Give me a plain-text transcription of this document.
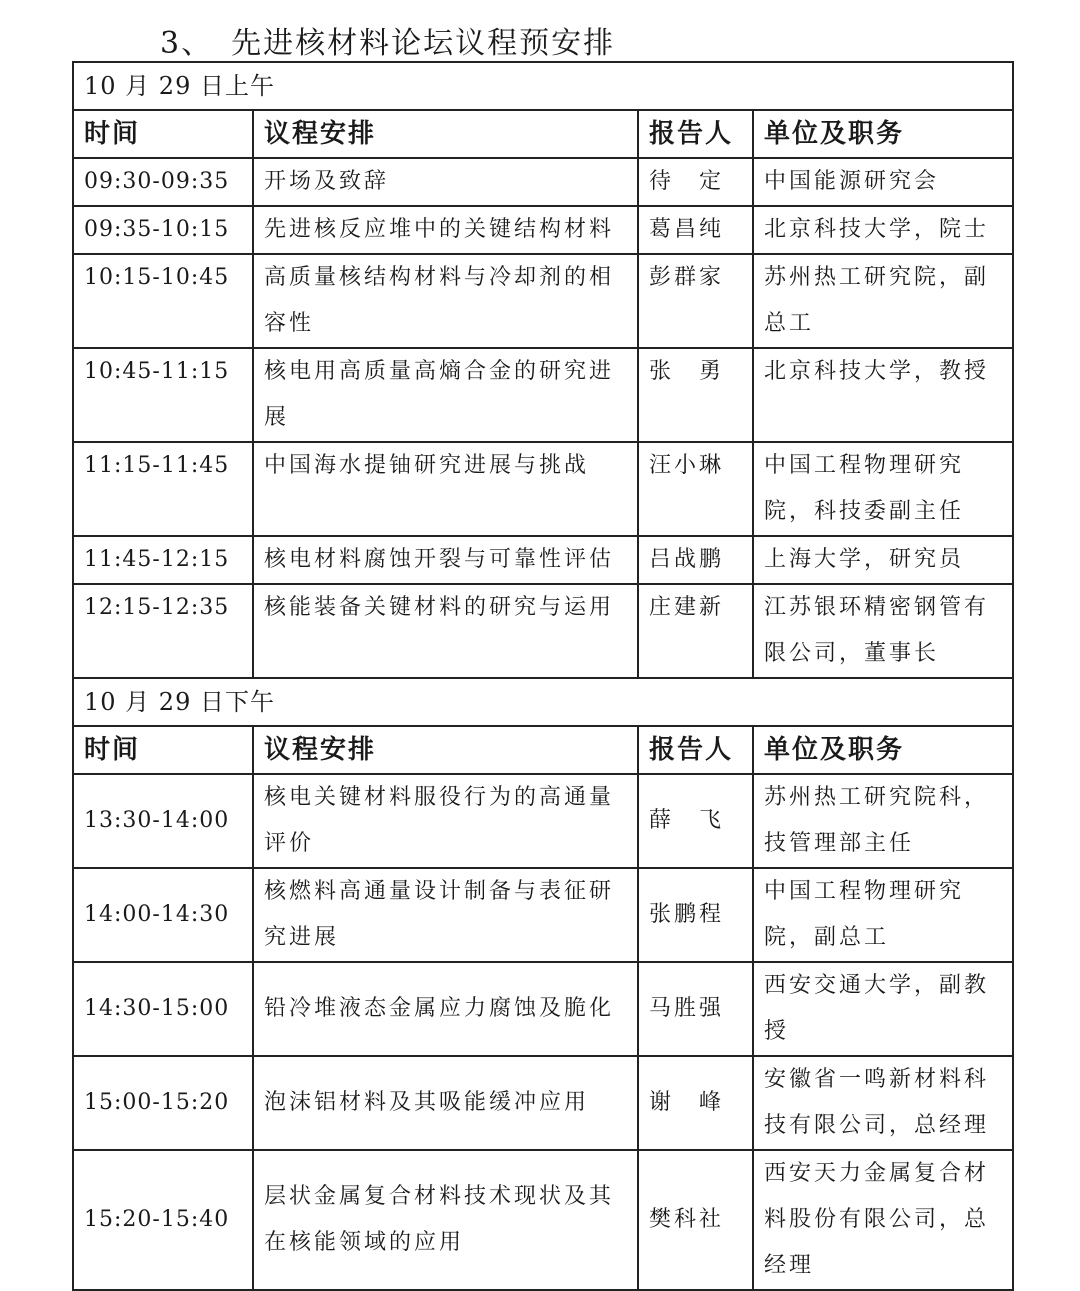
3、 先进核材料论坛议程预安排
10 月 29 日上午			
时间	议程安排	报告人	单位及职务
09:30-09:35	开场及致辞	待　定	中国能源研究会
09:35-10:15	先进核反应堆中的关键结构材料	葛昌纯	北京科技大学，院士
10:15-10:45	高质量核结构材料与冷却剂的相容性	彭群家	苏州热工研究院，副总工
10:45-11:15	核电用高质量高熵合金的研究进展	张　勇	北京科技大学，教授
11:15-11:45	中国海水提铀研究进展与挑战	汪小琳	中国工程物理研究院，科技委副主任
11:45-12:15	核电材料腐蚀开裂与可靠性评估	吕战鹏	上海大学，研究员
12:15-12:35	核能装备关键材料的研究与运用	庄建新	江苏银环精密钢管有限公司，董事长
10 月 29 日下午			
时间	议程安排	报告人	单位及职务
13:30-14:00	核电关键材料服役行为的高通量评价	薛　飞	苏州热工研究院科，技管理部主任
14:00-14:30	核燃料高通量设计制备与表征研究进展	张鹏程	中国工程物理研究院，副总工
14:30-15:00	铅冷堆液态金属应力腐蚀及脆化	马胜强	西安交通大学，副教授
15:00-15:20	泡沫铝材料及其吸能缓冲应用	谢　峰	安徽省一鸣新材料科技有限公司，总经理
15:20-15:40	层状金属复合材料技术现状及其在核能领域的应用	樊科社	西安天力金属复合材料股份有限公司，总经理
